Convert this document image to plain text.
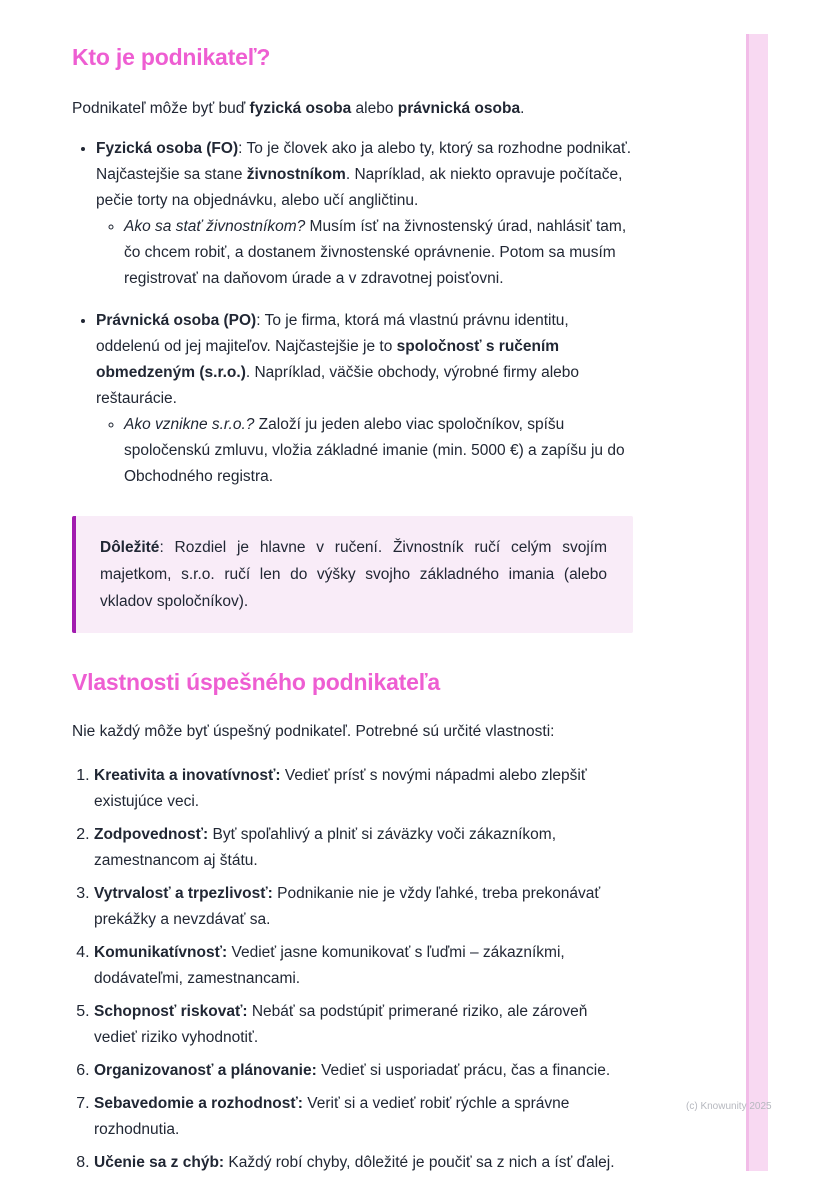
Kto je podnikateľ?

Podnikateľ môže byť buď fyzická osoba alebo právnická osoba.

• Fyzická osoba (FO): To je človek ako ja alebo ty, ktorý sa rozhodne podnikať. Najčastejšie sa stane živnostníkom. Napríklad, ak niekto opravuje počítače, pečie torty na objednávku, alebo učí angličtinu.

◦ Ako sa stať živnostníkom? Musím ísť na živnostenský úrad, nahlásiť tam, čo chcem robiť, a dostanem živnostenské oprávnenie. Potom sa musím registrovať na daňovom úrade a v zdravotnej poisťovni.

• Právnická osoba (PO): To je firma, ktorá má vlastnú právnu identitu, oddelenú od jej majiteľov. Najčastejšie je to spoločnosť s ručením obmedzeným (s.r.o.). Napríklad, väčšie obchody, výrobné firmy alebo reštaurácie.

◦ Ako vznikne s.r.o.? Založí ju jeden alebo viac spoločníkov, spíšu spoločenskú zmluvu, vložia základné imanie (min. 5000 €) a zapíšu ju do Obchodného registra.

Dôležité: Rozdiel je hlavne v ručení. Živnostník ručí celým svojím majetkom, s.r.o. ručí len do výšky svojho základného imania (alebo vkladov spoločníkov).

Vlastnosti úspešného podnikateľa

Nie každý môže byť úspešný podnikateľ. Potrebné sú určité vlastnosti:

1. Kreativita a inovatívnosť: Vedieť prísť s novými nápadmi alebo zlepšiť existujúce veci.

2. Zodpovednosť: Byť spoľahlivý a plniť si záväzky voči zákazníkom, zamestnancom aj štátu.

3. Vytrvalosť a trpezlivosť: Podnikanie nie je vždy ľahké, treba prekonávať prekážky a nevzdávať sa.

4. Komunikatívnosť: Vedieť jasne komunikovať s ľuďmi – zákazníkmi, dodávateľmi, zamestnancami.

5. Schopnosť riskovať: Nebáť sa podstúpiť primerané riziko, ale zároveň vedieť riziko vyhodnotiť.

6. Organizovanosť a plánovanie: Vedieť si usporiadať prácu, čas a financie.

7. Sebavedomie a rozhodnosť: Veriť si a vedieť robiť rýchle a správne rozhodnutia.

8. Učenie sa z chýb: Každý robí chyby, dôležité je poučiť sa z nich a ísť ďalej.

(c) Knowunity 2025
